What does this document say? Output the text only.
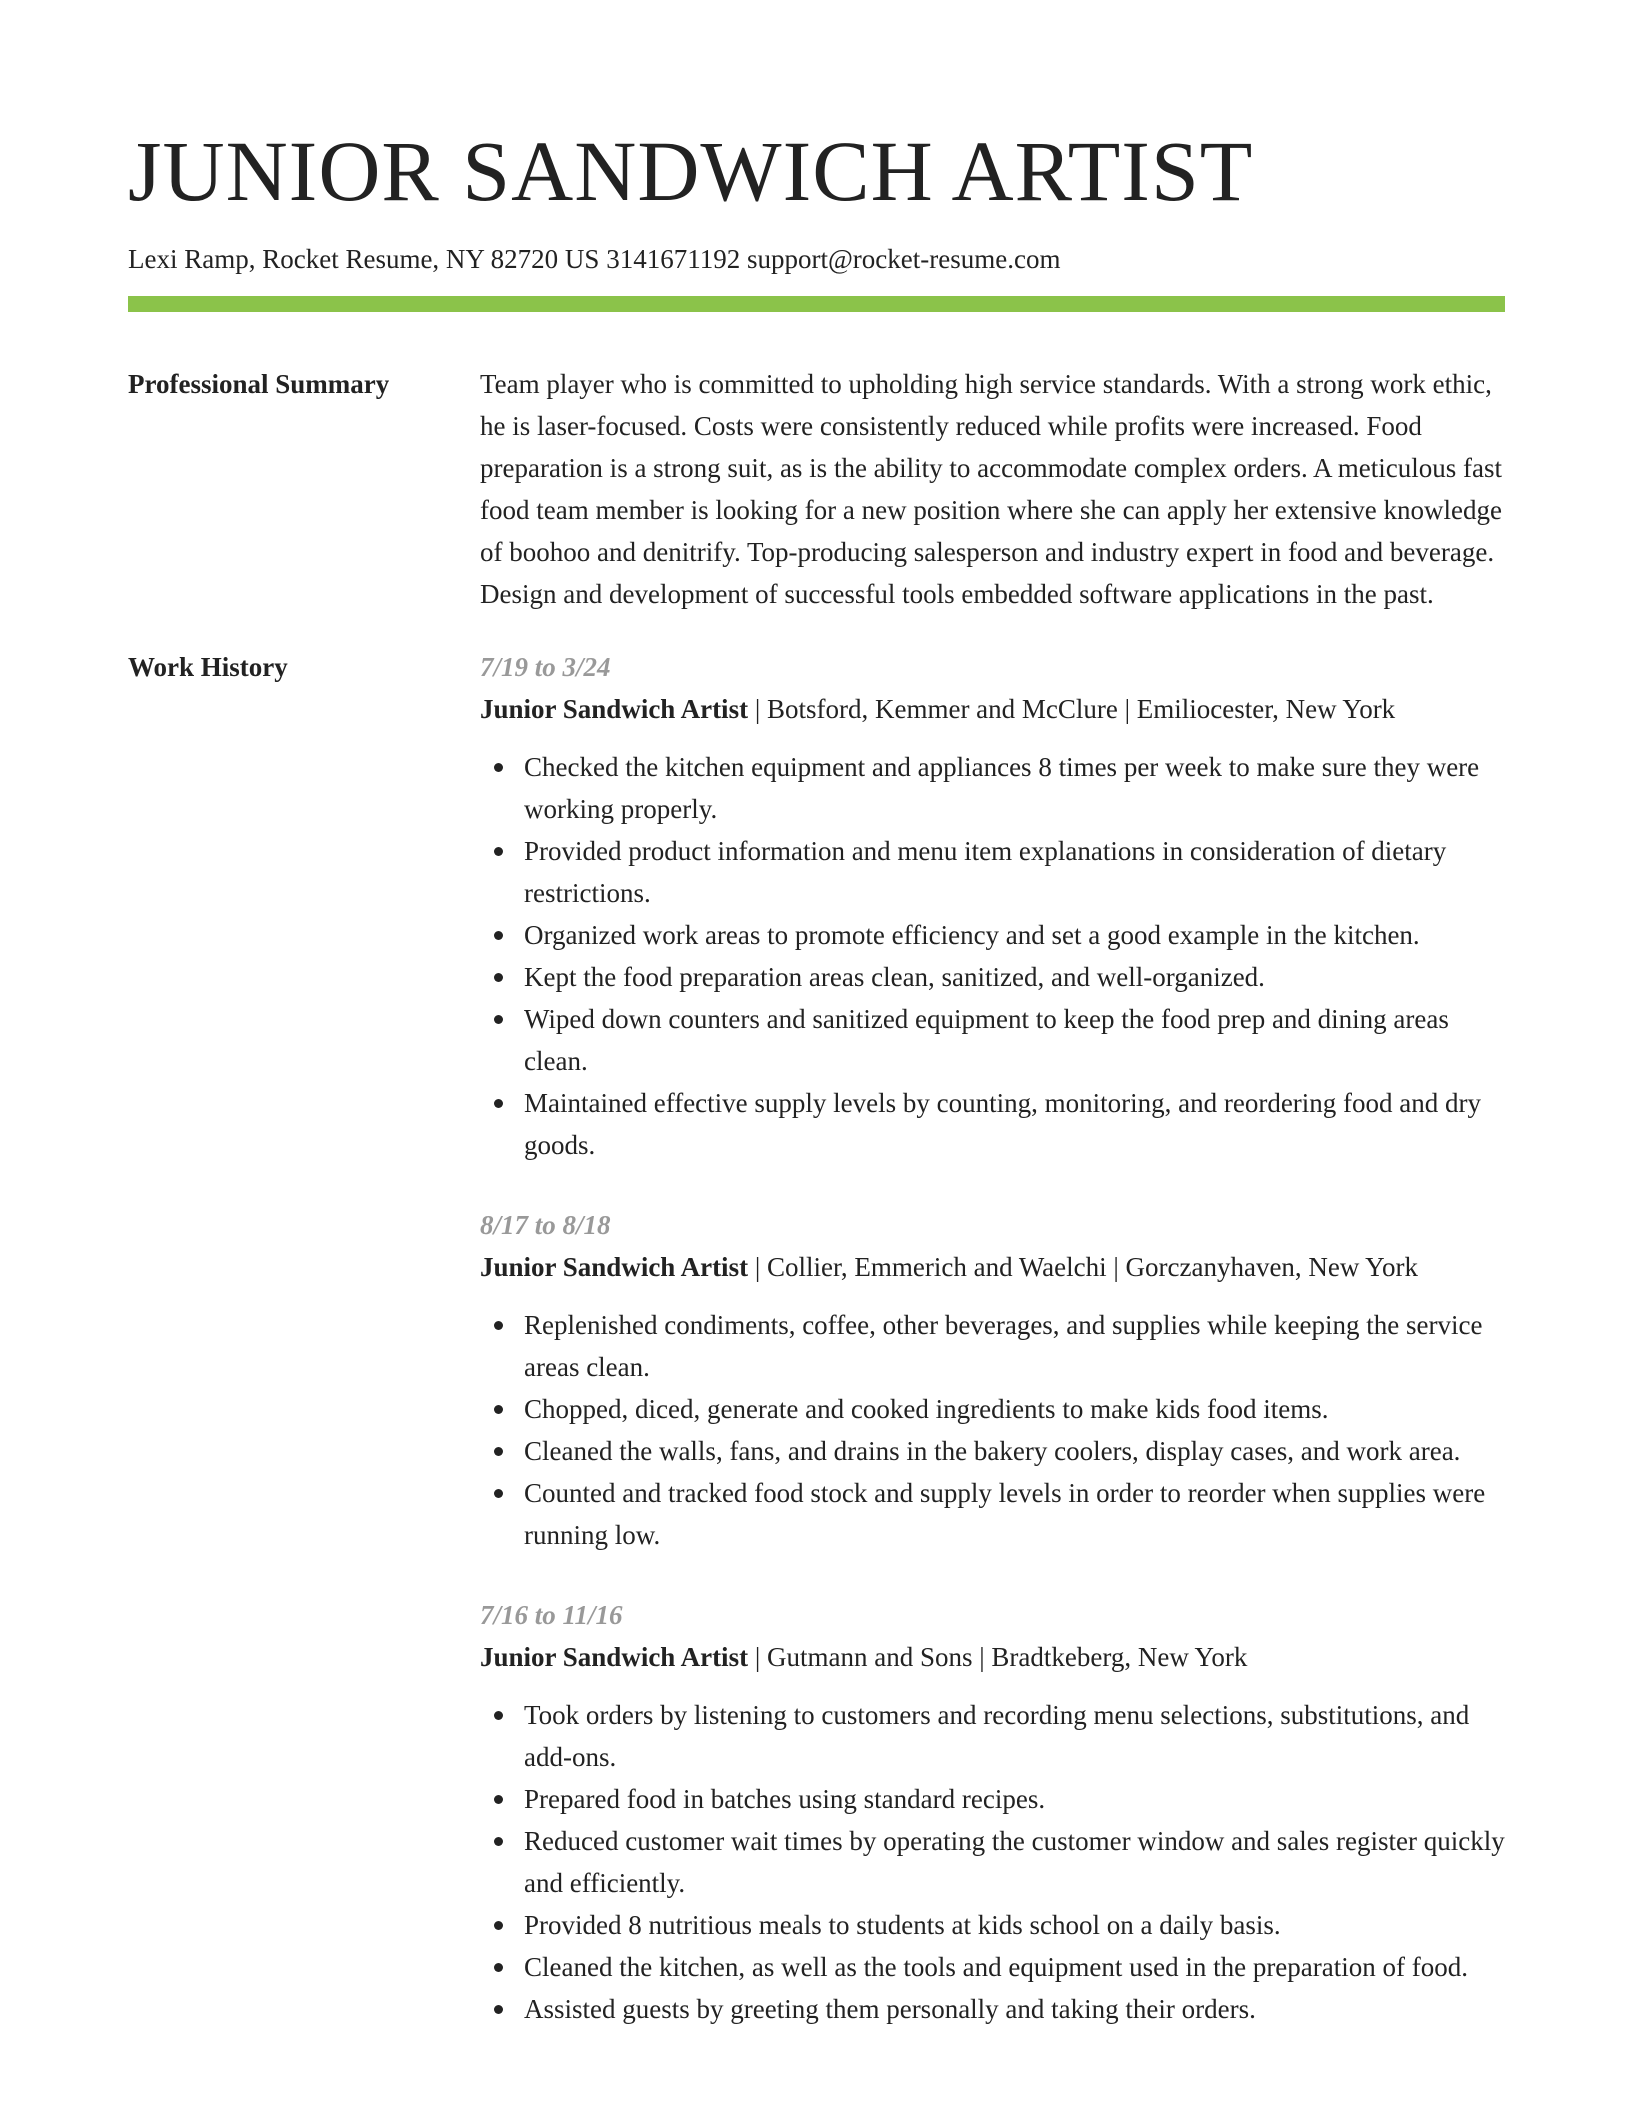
JUNIOR SANDWICH ARTIST
Lexi Ramp, Rocket Resume, NY 82720 US 3141671192 support@rocket-resume.com
Professional Summary	Team player who is committed to upholding high service standards. With a strong work ethic, he is laser-focused. Costs were consistently reduced while profits were increased. Food preparation is a strong suit, as is the ability to accommodate complex orders. A meticulous fast food team member is looking for a new position where she can apply her extensive knowledge of boohoo and denitrify. Top-producing salesperson and industry expert in food and beverage. Design and development of successful tools embedded software applications in the past.
Work History	7/19 to 3/24
Junior Sandwich Artist | Botsford, Kemmer and McClure | Emiliocester, New York
Checked the kitchen equipment and appliances 8 times per week to make sure they were working properly.
Provided product information and menu item explanations in consideration of dietary restrictions.
Organized work areas to promote efficiency and set a good example in the kitchen.
Kept the food preparation areas clean, sanitized, and well-organized.
Wiped down counters and sanitized equipment to keep the food prep and dining areas clean.
Maintained effective supply levels by counting, monitoring, and reordering food and dry goods.
8/17 to 8/18
Junior Sandwich Artist | Collier, Emmerich and Waelchi | Gorczanyhaven, New York
Replenished condiments, coffee, other beverages, and supplies while keeping the service areas clean.
Chopped, diced, generate and cooked ingredients to make kids food items.
Cleaned the walls, fans, and drains in the bakery coolers, display cases, and work area.
Counted and tracked food stock and supply levels in order to reorder when supplies were running low.
7/16 to 11/16
Junior Sandwich Artist | Gutmann and Sons | Bradtkeberg, New York
Took orders by listening to customers and recording menu selections, substitutions, and add-ons.
Prepared food in batches using standard recipes.
Reduced customer wait times by operating the customer window and sales register quickly and efficiently.
Provided 8 nutritious meals to students at kids school on a daily basis.
Cleaned the kitchen, as well as the tools and equipment used in the preparation of food.
Assisted guests by greeting them personally and taking their orders.
